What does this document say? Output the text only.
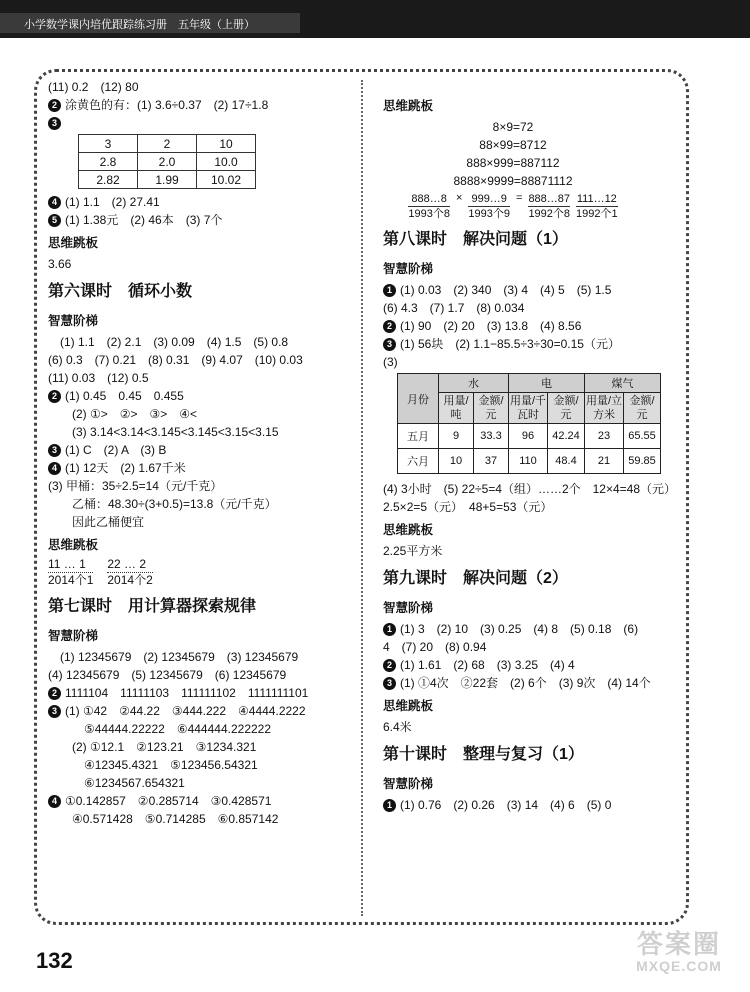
小学数学课内培优跟踪练习册　五年级（上册）
(11) 0.2　(12) 80
2 涂黄色的有：(1) 3.6÷0.37　(2) 17÷1.8
3
3	2	10
2.8	2.0	10.0
2.82	1.99	10.02
4 (1) 1.1　(2) 27.41
5 (1) 1.38元　(2) 46本　(3) 7个
思维跳板
3.66
第六课时　循环小数
智慧阶梯
　(1) 1.1　(2) 2.1　(3) 0.09　(4) 1.5　(5) 0.8
(6) 0.3　(7) 0.21　(8) 0.31　(9) 4.07　(10) 0.03
(11) 0.03　(12) 0.5
2 (1) 0.45　0.45　0.455
(2) ①>　②>　③>　④<
(3) 3.14<3.14<3.145<3.145<3.15<3.15
3 (1) C　(2) A　(3) B
4 (1) 12天　(2) 1.67千米
(3) 甲桶：35÷2.5=14（元/千克）
乙桶：48.30÷(3+0.5)=13.8（元/千克）
因此乙桶便宜
思维跳板
11 … 1
2014个1
22 … 2
2014个2
第七课时　用计算器探索规律
智慧阶梯
　(1) 12345679　(2) 12345679　(3) 12345679
(4) 12345679　(5) 12345679　(6) 12345679
2 1111104　11111103　111111102　1111111101
3 (1) ①42　②44.22　③444.222　④4444.2222
⑤44444.22222　⑥444444.222222
(2) ①12.1　②123.21　③1234.321
④12345.4321　⑤123456.54321
⑥1234567.654321
4 ①0.142857　②0.285714　③0.428571
④0.571428　⑤0.714285　⑥0.857142
思维跳板
8×9=72
88×99=8712
888×999=887112
8888×9999=88871112
888…8
1993个8
× 999…9
1993个9
= 888…87
1992个8
111…12
1992个1
第八课时　解决问题（1）
智慧阶梯
1 (1) 0.03　(2) 340　(3) 4　(4) 5　(5) 1.5
(6) 4.3　(7) 1.7　(8) 0.034
2 (1) 90　(2) 20　(3) 13.8　(4) 8.56
3 (1) 56块　(2) 1.1−85.5÷3÷30=0.15（元）
(3)
月份	水		电		煤气	
	用量/吨	金额/元	用量/千瓦时	金额/元	用量/立方米	金额/元
五月	9	33.3	96	42.24	23	65.55
六月	10	37	110	48.4	21	59.85
(4) 3小时　(5) 22÷5=4（组）……2个　12×4=48（元）
2.5×2=5（元）　48+5=53（元）
思维跳板
2.25平方米
第九课时　解决问题（2）
智慧阶梯
1 (1) 3　(2) 10　(3) 0.25　(4) 8　(5) 0.18　(6)
4　(7) 20　(8) 0.94
2 (1) 1.61　(2) 68　(3) 3.25　(4) 4
3 (1) ①4次　②22套　(2) 6个　(3) 9次　(4) 14个
思维跳板
6.4米
第十课时　整理与复习（1）
智慧阶梯
1 (1) 0.76　(2) 0.26　(3) 14　(4) 6　(5) 0
132
答案圈
MXQE.COM
